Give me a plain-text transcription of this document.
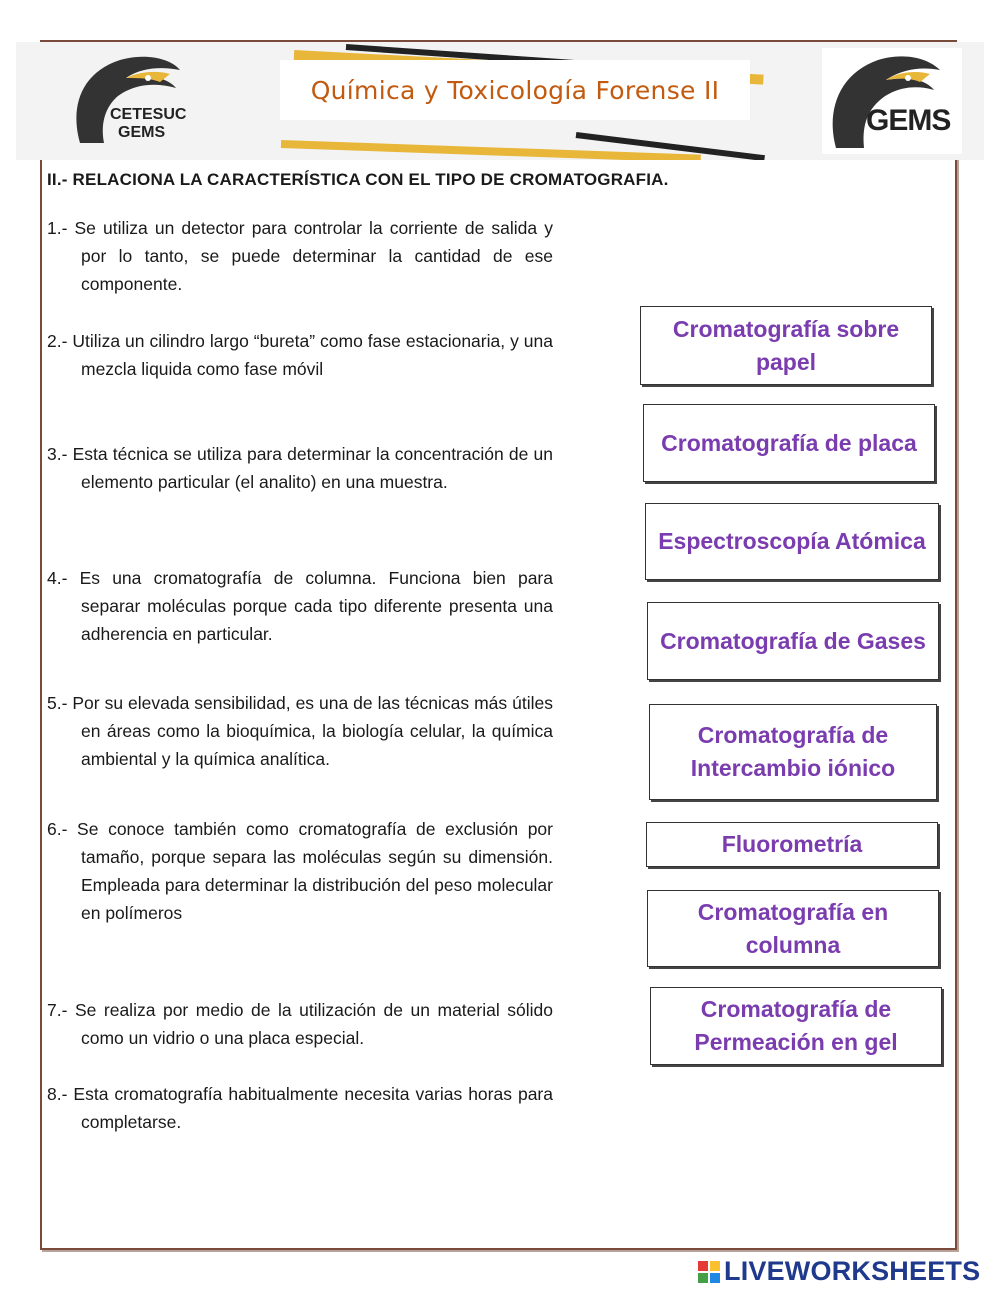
CETESUC
GEMS
Química y Toxicología Forense II
GEMS
II.- RELACIONA LA CARACTERÍSTICA CON EL TIPO DE CROMATOGRAFIA.
1.- Se utiliza un detector para controlar la corriente de salida y por lo tanto, se puede determinar la cantidad de ese componente.
2.- Utiliza un cilindro largo “bureta” como fase estacionaria, y una mezcla liquida como fase móvil
3.- Esta técnica se utiliza para determinar la concentración de un elemento particular (el analito) en una muestra.
4.- Es una cromatografía de columna. Funciona bien para separar moléculas porque cada tipo diferente presenta una adherencia en particular.
5.- Por su elevada sensibilidad, es una de las técnicas más útiles en áreas como la bioquímica, la biología celular, la química ambiental y la química analítica.
6.- Se conoce también como cromatografía de exclusión por tamaño, porque separa las moléculas según su dimensión. Empleada para determinar la distribución del peso molecular en polímeros
7.- Se realiza por medio de la utilización de un material sólido como un vidrio o una placa especial.
8.- Esta cromatografía habitualmente necesita varias horas para completarse.
Cromatografía sobre papel
Cromatografía de placa
Espectroscopía Atómica
Cromatografía de Gases
Cromatografía de Intercambio iónico
Fluorometría
Cromatografía en columna
Cromatografía de Permeación en gel
LIVEWORKSHEETS
